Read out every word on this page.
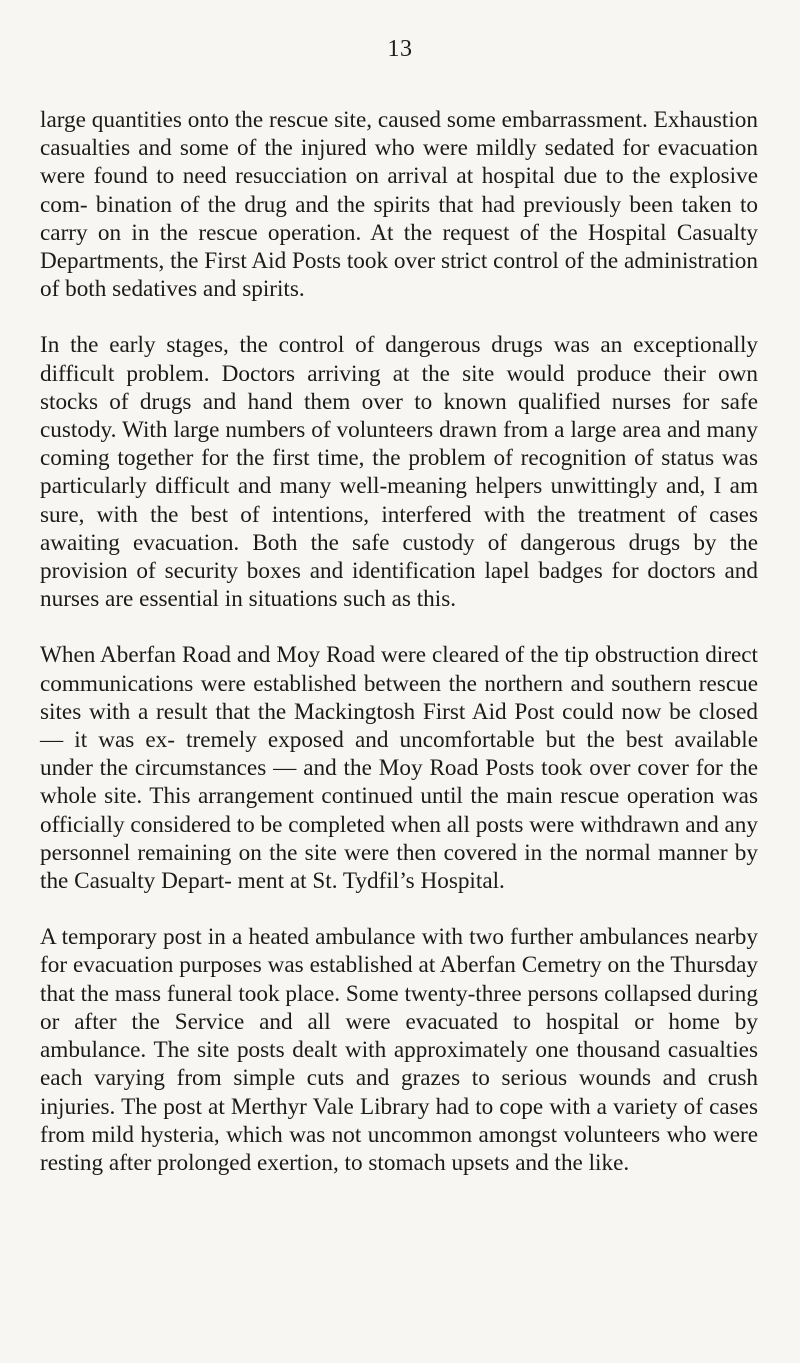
13

large quantities onto the rescue site, caused some embarrassment. Exhaustion casualties and some of the injured who were mildly sedated for evacuation were found to need resucciation on arrival at hospital due to the explosive com- bination of the drug and the spirits that had previously been taken to carry on in the rescue operation. At the request of the Hospital Casualty Departments, the First Aid Posts took over strict control of the administration of both sedatives and spirits.

In the early stages, the control of dangerous drugs was an exceptionally difficult problem. Doctors arriving at the site would produce their own stocks of drugs and hand them over to known qualified nurses for safe custody. With large numbers of volunteers drawn from a large area and many coming together for the first time, the problem of recognition of status was particularly difficult and many well-meaning helpers unwittingly and, I am sure, with the best of intentions, interfered with the treatment of cases awaiting evacuation. Both the safe custody of dangerous drugs by the provision of security boxes and identification lapel badges for doctors and nurses are essential in situations such as this.

When Aberfan Road and Moy Road were cleared of the tip obstruction direct communications were established between the northern and southern rescue sites with a result that the Mackingtosh First Aid Post could now be closed — it was ex- tremely exposed and uncomfortable but the best available under the circumstances — and the Moy Road Posts took over cover for the whole site. This arrangement continued until the main rescue operation was officially considered to be completed when all posts were withdrawn and any personnel remaining on the site were then covered in the normal manner by the Casualty Depart- ment at St. Tydfil’s Hospital.

A temporary post in a heated ambulance with two further ambulances nearby for evacuation purposes was established at Aberfan Cemetry on the Thursday that the mass funeral took place. Some twenty-three persons collapsed during or after the Service and all were evacuated to hospital or home by ambulance. The site posts dealt with approximately one thousand casualties each varying from simple cuts and grazes to serious wounds and crush injuries. The post at Merthyr Vale Library had to cope with a variety of cases from mild hysteria, which was not uncommon amongst volunteers who were resting after prolonged exertion, to stomach upsets and the like.
